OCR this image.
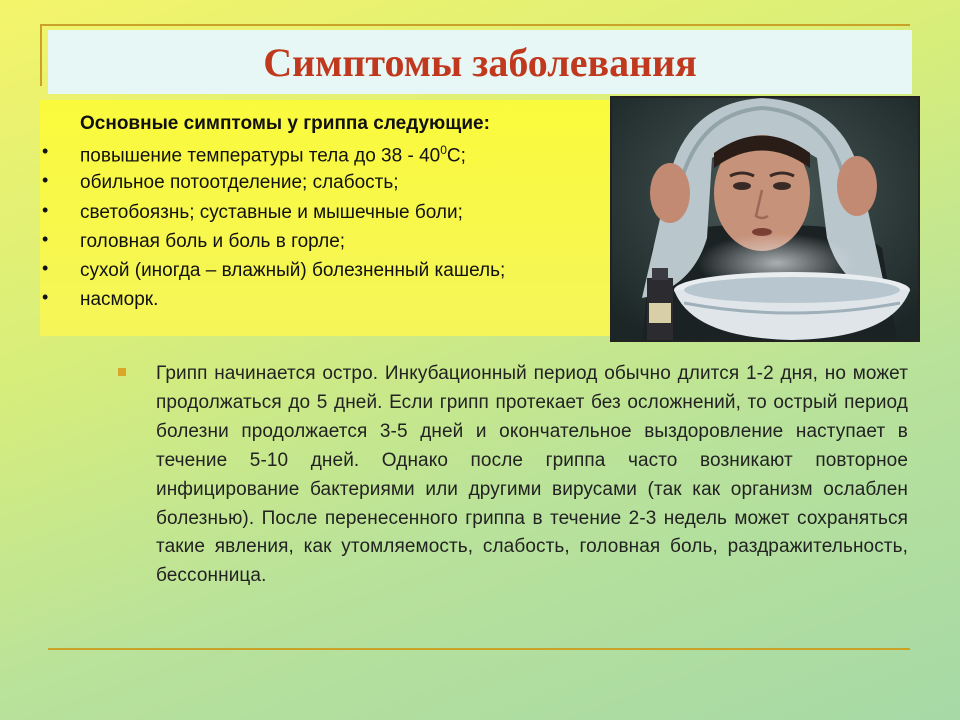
Симптомы заболевания
Основные симптомы у гриппа следующие:
• повышение температуры тела до $38 - 40^0С$;
• обильное потоотделение; слабость;
• светобоязнь; суставные и мышечные боли;
• головная боль и боль в горле;
• сухой (иногда – влажный) болезненный кашель;
• насморк.

Грипп начинается остро. Инкубационный период обычно длится 1-2 дня, но может продолжаться до 5 дней. Если грипп протекает без осложнений, то острый период болезни продолжается 3-5 дней и окончательное выздоровление наступает в течение 5-10 дней. Однако после гриппа часто возникают повторное инфицирование бактериями или другими вирусами (так как организм ослаблен болезнью). После перенесенного гриппа в течение 2-3 недель может сохраняться такие явления, как утомляемость, слабость, головная боль, раздражительность, бессонница.
